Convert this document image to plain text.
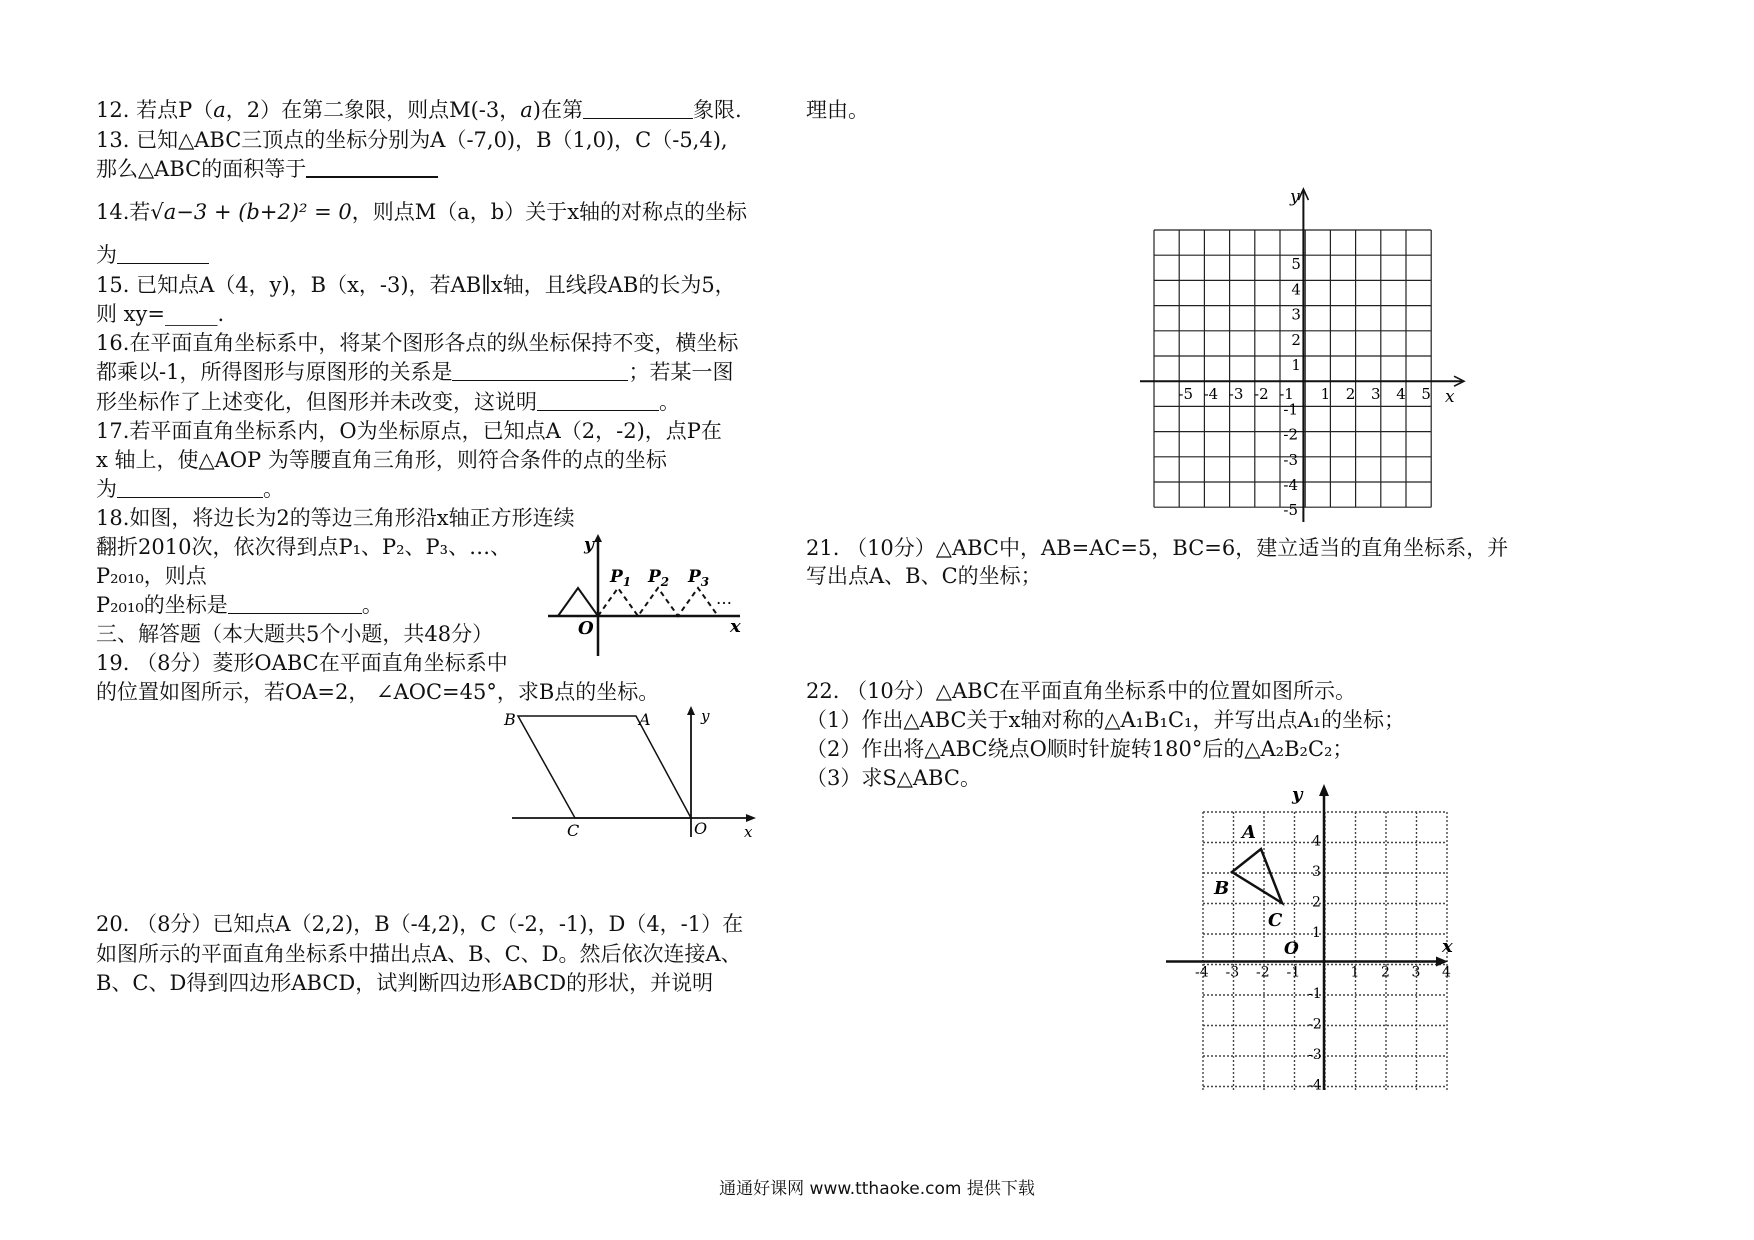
12. 若点P（a，2）在第二象限，则点M(-3，a)在第	象限.
13. 已知△ABC三顶点的坐标分别为A（-7,0)，B（1,0)，C（-5,4),
那么△ABC的面积等于
14.若√a−3 + (b+2)² = 0，则点M（a，b）关于x轴的对称点的坐标
为
15. 已知点A（4，y)，B（x，-3)，若AB∥x轴，且线段AB的长为5，
则 xy=_____.
16.在平面直角坐标系中，将某个图形各点的纵坐标保持不变，横坐标
都乘以-1，所得图形与原图形的关系是	；若某一图
形坐标作了上述变化，但图形并未改变，这说明	。
17.若平面直角坐标系内，O为坐标原点，已知点A（2，-2)，点P在
x 轴上，使△AOP 为等腰直角三角形，则符合条件的点的坐标
为	。
18.如图，将边长为2的等边三角形沿x轴正方形连续
翻折2010次，依次得到点P₁、P₂、P₃、…、
P₂₀₁₀，则点
P₂₀₁₀的坐标是	。
三、解答题（本大题共5个小题，共48分）
19. （8分）菱形OABC在平面直角坐标系中
的位置如图所示，若OA=2， ∠AOC=45°，求B点的坐标。
20. （8分）已知点A（2,2)，B（-4,2)，C（-2，-1)，D（4，-1）在
如图所示的平面直角坐标系中描出点A、B、C、D。然后依次连接A、
B、C、D得到四边形ABCD，试判断四边形ABCD的形状，并说明
理由。
21. （10分）△ABC中，AB=AC=5，BC=6，建立适当的直角坐标系，并
写出点A、B、C的坐标；
22. （10分）△ABC在平面直角坐标系中的位置如图所示。
（1）作出△ABC关于x轴对称的△A₁B₁C₁，并写出点A₁的坐标；
（2）作出将△ABC绕点O顺时针旋转180°后的△A₂B₂C₂；
（3）求S△ABC。
y
O	x
$P_1$ $P_2$ $P_3$
…
B	A	y
C	O x
x
y
1
1
2
2
3
3
4
4
5
5
-1
-1
-2
-2
-3
-3
-4
-4
-5
-5
A
B
C
O	x
y
1
1
2
2
3
3
4
4
-1
-1
-2
-2
-3
-3
-4
-4
通通好课网 www.tthaoke.com 提供下载
